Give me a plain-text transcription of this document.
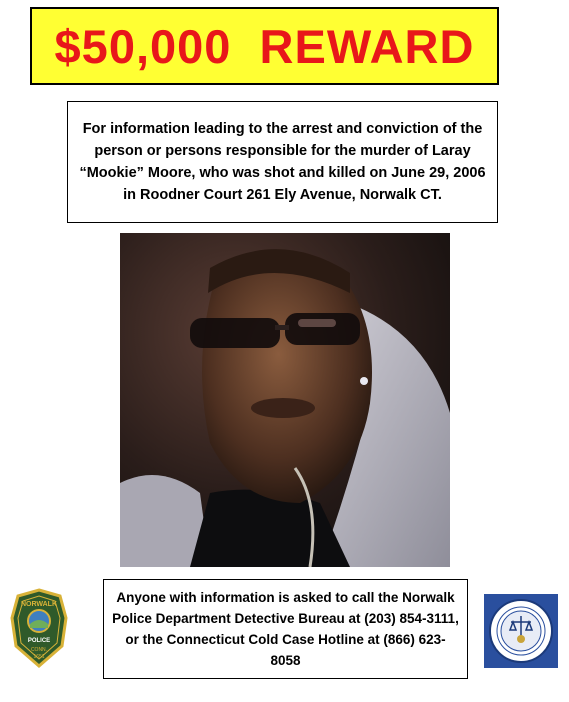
$50,000  REWARD
For information leading to the arrest and conviction of the person or persons responsible for the murder of Laray “Mookie” Moore, who was shot and killed on June 29, 2006 in Roodner Court 261 Ely Avenue, Norwalk CT.
NORWALK
POLICE
CONN.
1651
Anyone with information is asked to call the Norwalk Police Department Detective Bureau at (203) 854-3111, or the Connecticut Cold Case Hotline at (866) 623-8058
